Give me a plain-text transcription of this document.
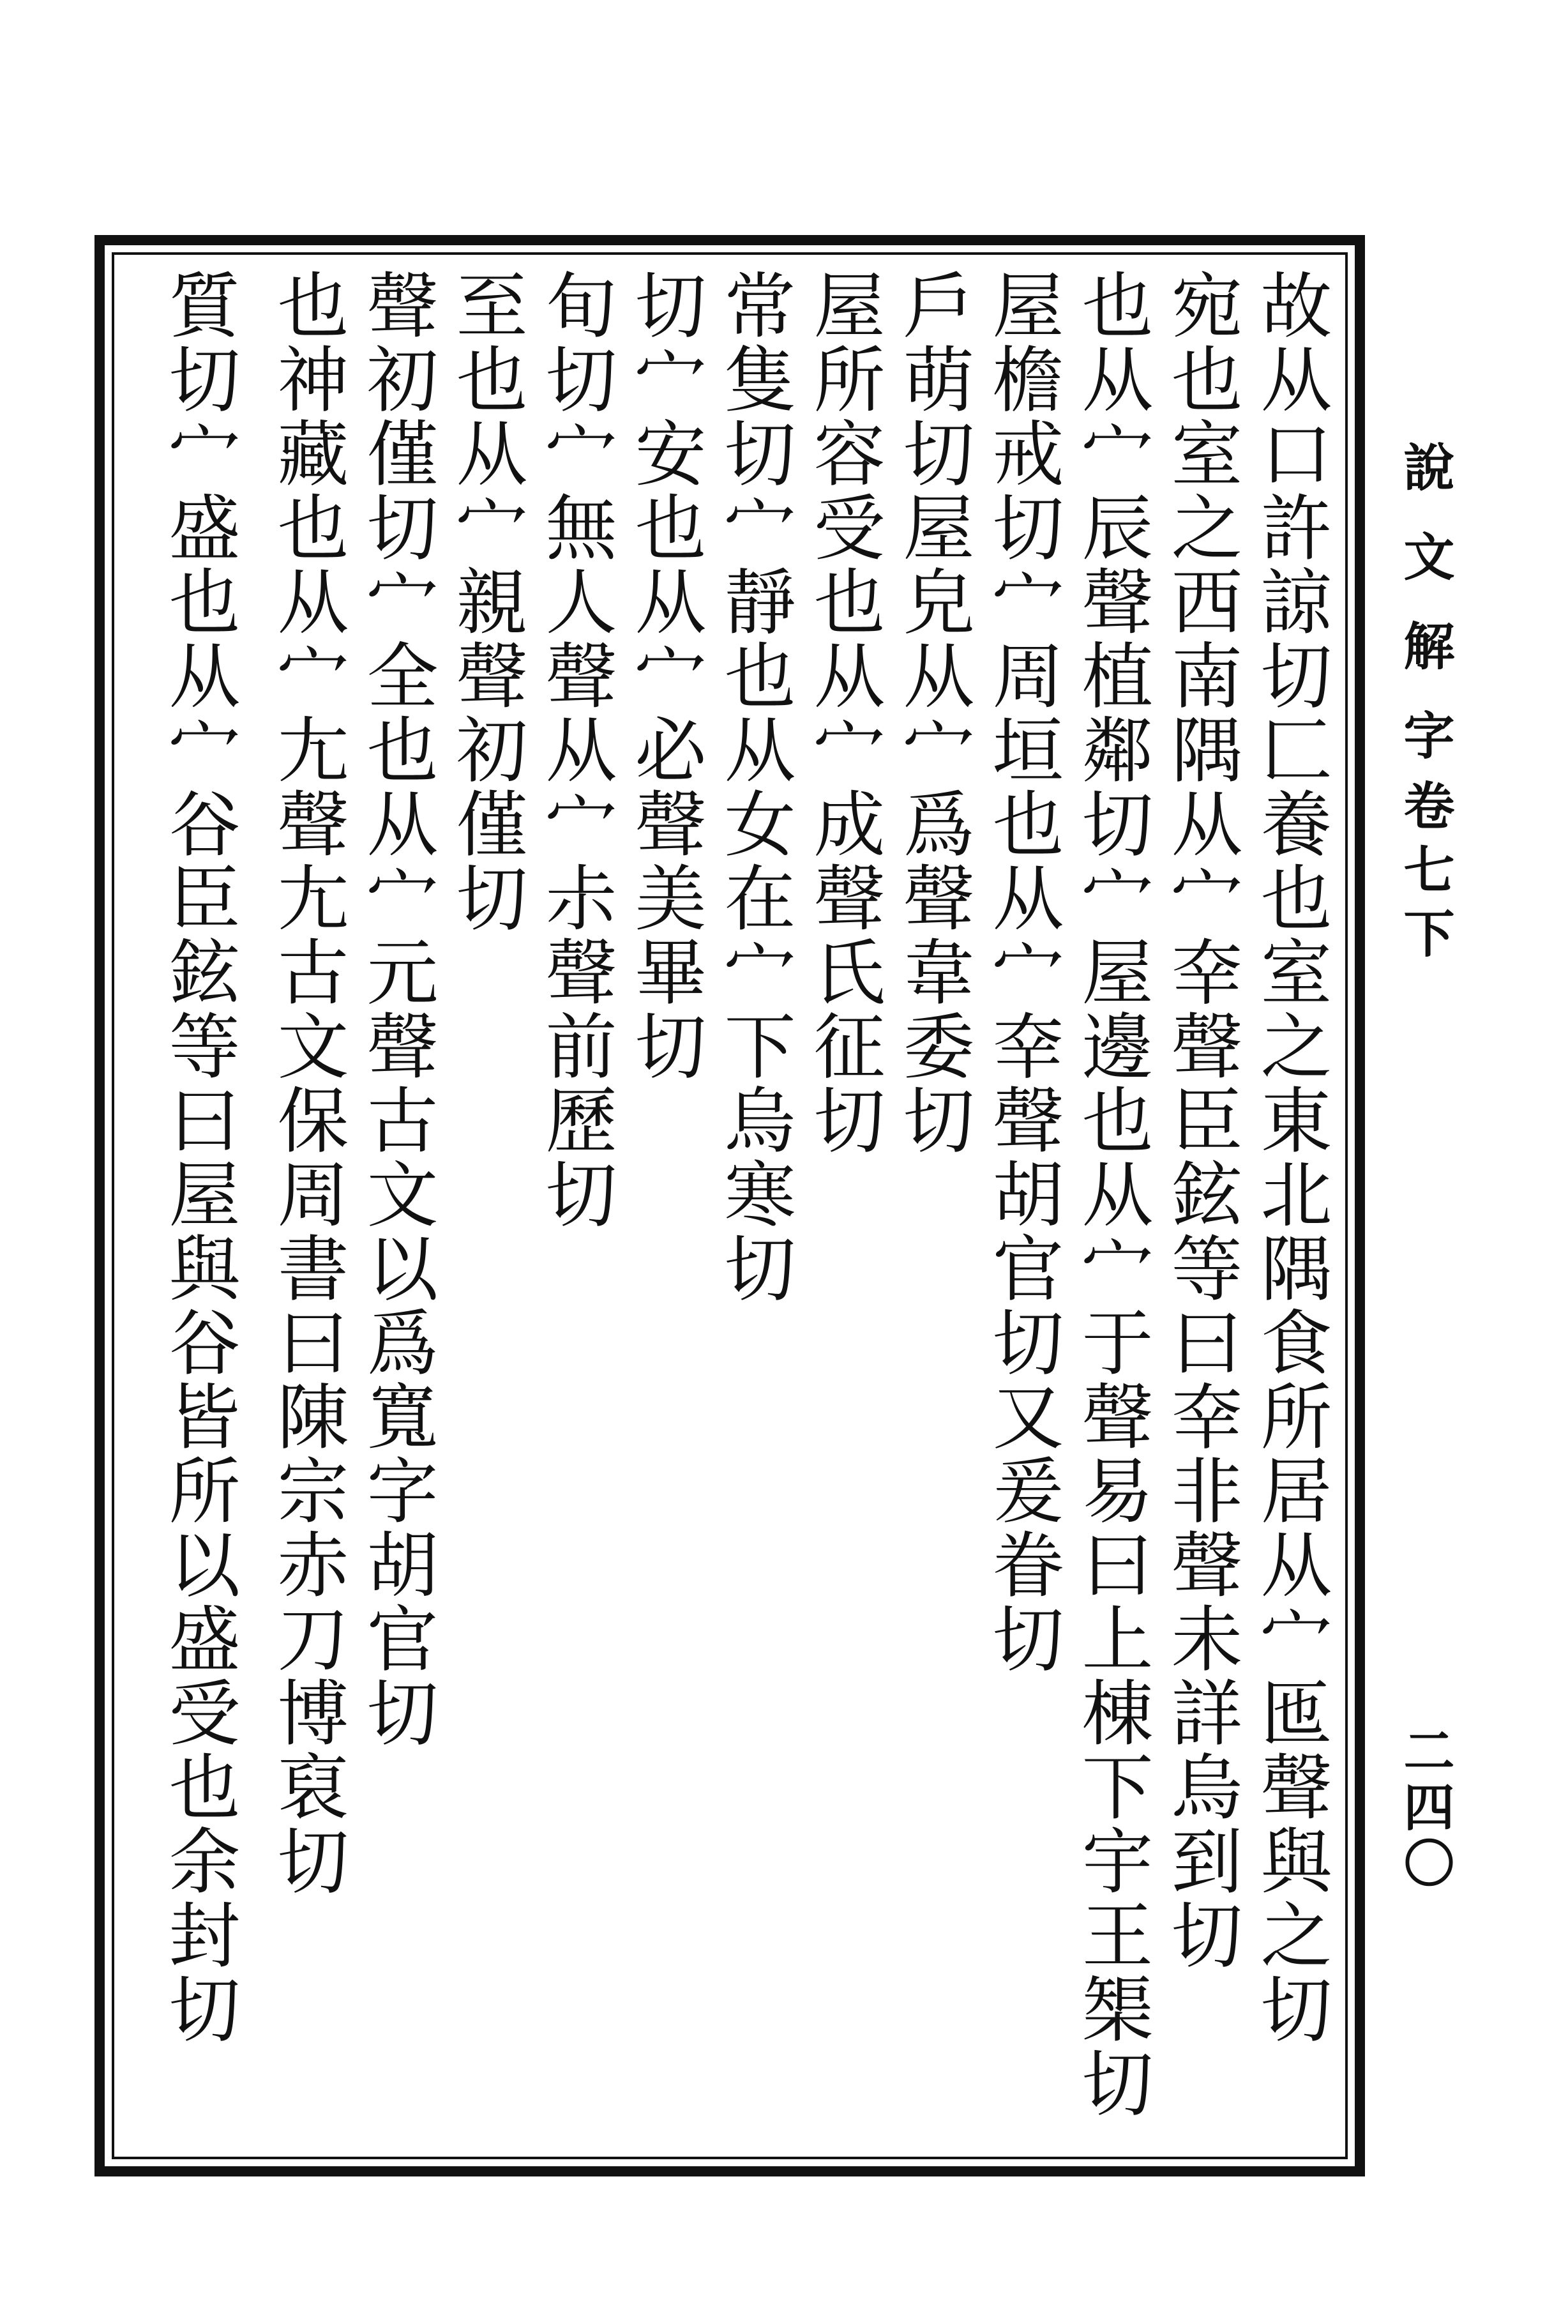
說文解字
卷七下
二四〇
故从口許諒切匚養也室之東北隅食所居从宀匜聲與之切
宛也室之西南隅从宀㚔聲臣鉉等曰㚔非聲未詳烏到切
也从宀辰聲植鄰切宀屋邊也从宀于聲易曰上棟下宇王榘切
屋檐戒切宀周垣也从宀㚔聲胡官切又爰眷切
戶萌切屋皃从宀爲聲韋委切
屋所容受也从宀成聲氏征切
常隻切宀靜也从女在宀下烏寒切
切宀安也从宀必聲美畢切
旬切宀無人聲从宀尗聲前歷切
至也从宀親聲初僅切
聲初僅切宀全也从宀元聲古文以爲寬字胡官切
也神藏也从宀𡯁聲𡯁古文保周書曰陳宗赤刀博裒切
質切宀盛也从宀谷臣鉉等曰屋與谷皆所以盛受也余封切
